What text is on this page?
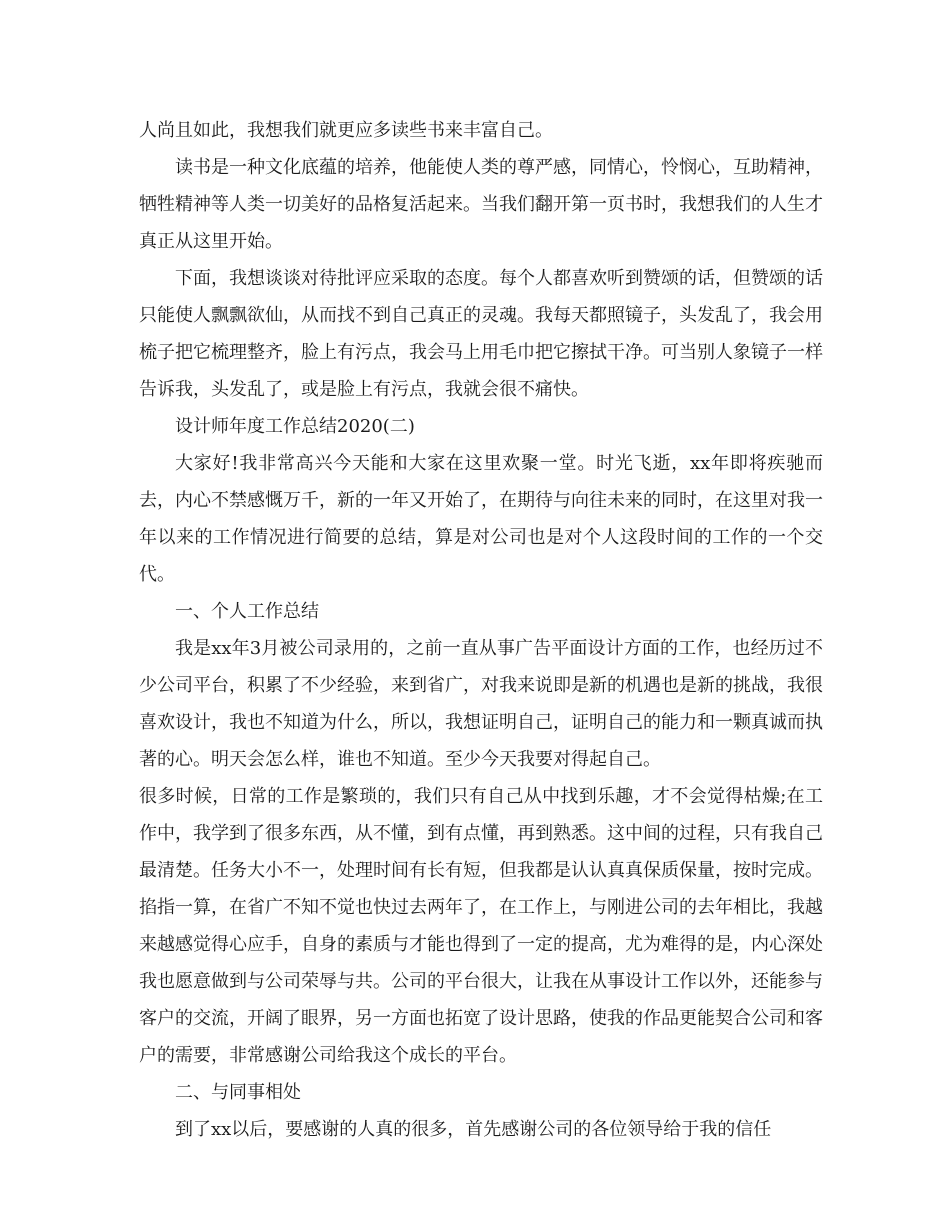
人尚且如此，我想我们就更应多读些书来丰富自己。

读书是一种文化底蕴的培养，他能使人类的尊严感，同情心，怜悯心，互助精神，牺牲精神等人类一切美好的品格复活起来。当我们翻开第一页书时，我想我们的人生才真正从这里开始。

下面，我想谈谈对待批评应采取的态度。每个人都喜欢听到赞颂的话，但赞颂的话只能使人飘飘欲仙，从而找不到自己真正的灵魂。我每天都照镜子，头发乱了，我会用梳子把它梳理整齐，脸上有污点，我会马上用毛巾把它擦拭干净。可当别人象镜子一样告诉我，头发乱了，或是脸上有污点，我就会很不痛快。

设计师年度工作总结2020(二)

大家好!我非常高兴今天能和大家在这里欢聚一堂。时光飞逝，xx年即将疾驰而去，内心不禁感慨万千，新的一年又开始了，在期待与向往未来的同时，在这里对我一年以来的工作情况进行简要的总结，算是对公司也是对个人这段时间的工作的一个交代。

一、个人工作总结

我是xx年3月被公司录用的，之前一直从事广告平面设计方面的工作，也经历过不少公司平台，积累了不少经验，来到省广，对我来说即是新的机遇也是新的挑战，我很喜欢设计，我也不知道为什么，所以，我想证明自己，证明自己的能力和一颗真诚而执著的心。明天会怎么样，谁也不知道。至少今天我要对得起自己。

很多时候，日常的工作是繁琐的，我们只有自己从中找到乐趣，才不会觉得枯燥;在工作中，我学到了很多东西，从不懂，到有点懂，再到熟悉。这中间的过程，只有我自己最清楚。任务大小不一，处理时间有长有短，但我都是认认真真保质保量，按时完成。掐指一算，在省广不知不觉也快过去两年了，在工作上，与刚进公司的去年相比，我越来越感觉得心应手，自身的素质与才能也得到了一定的提高，尤为难得的是，内心深处我也愿意做到与公司荣辱与共。公司的平台很大，让我在从事设计工作以外，还能参与客户的交流，开阔了眼界，另一方面也拓宽了设计思路，使我的作品更能契合公司和客户的需要，非常感谢公司给我这个成长的平台。

二、与同事相处

到了xx以后，要感谢的人真的很多，首先感谢公司的各位领导给于我的信任
